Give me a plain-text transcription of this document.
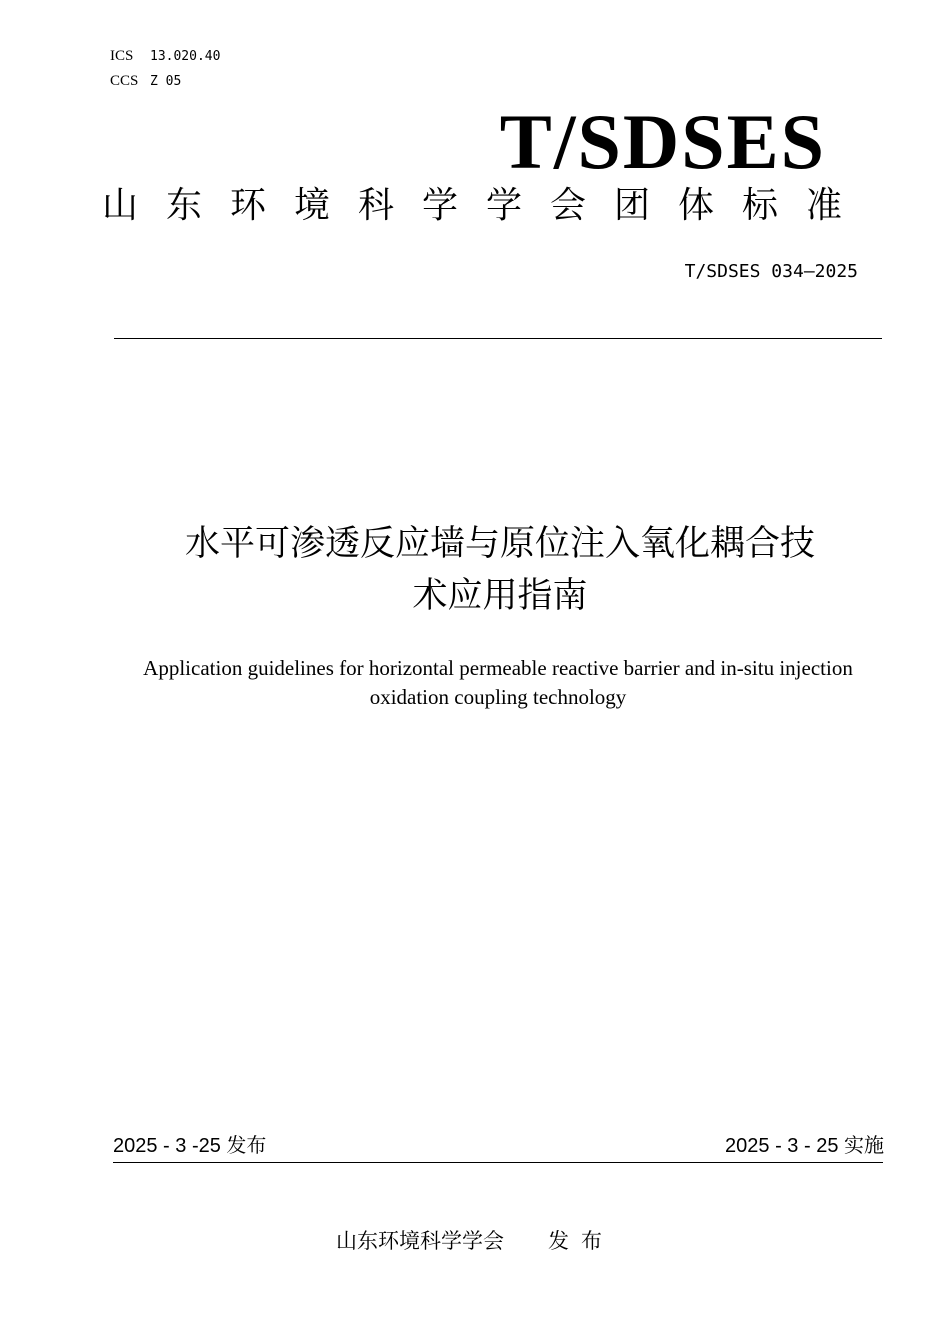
ICS 13.020.40
CCS Z 05
T/SDSES
山东环境科学学会团体标准
T/SDSES 034—2025
水平可渗透反应墙与原位注入氧化耦合技
术应用指南
Application guidelines for horizontal permeable reactive barrier and in-situ injection
oxidation coupling technology
2025 - 3 -25 发布	2025 - 3 - 25 实施
山东环境科学学会 发布
